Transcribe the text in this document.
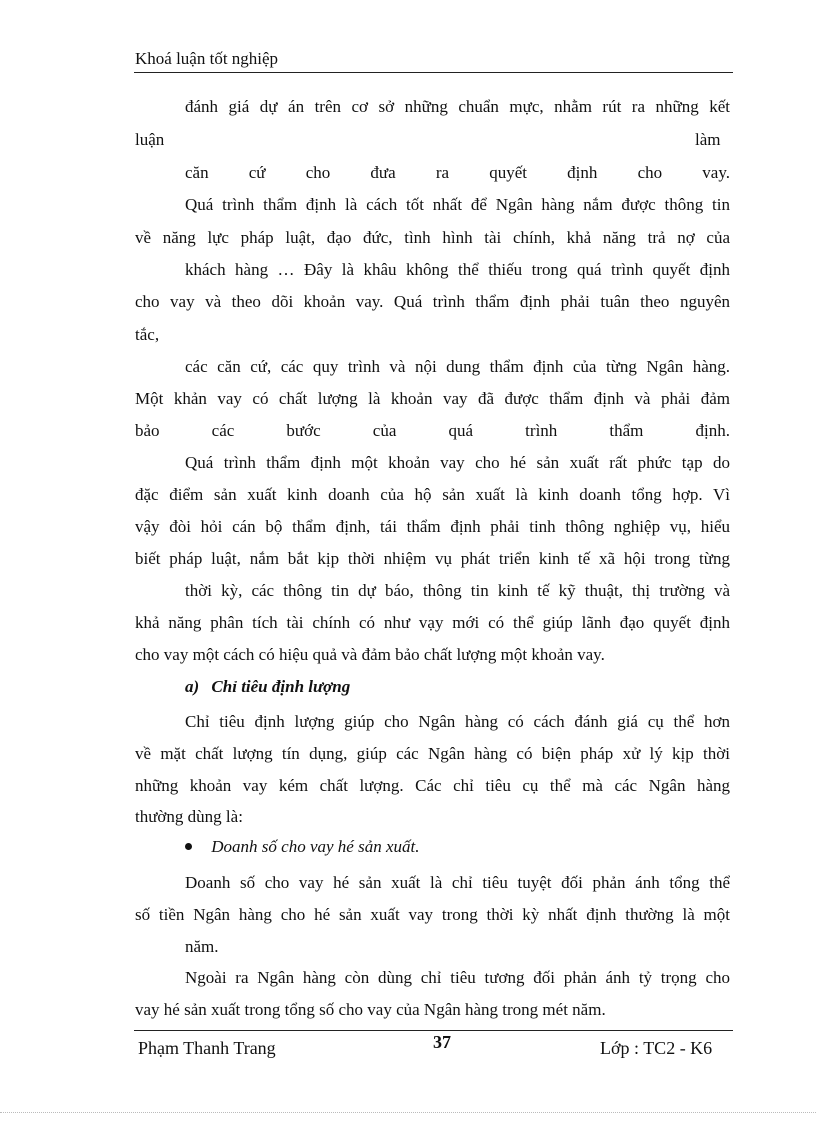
Khoá luận tốt nghiệp
đánh giá dự án trên cơ sở những chuẩn mực, nhằm rút ra những kết
luận	làm
căn cứ cho đưa ra quyết định cho vay.
Quá trình thẩm định là cách tốt nhất để Ngân hàng nắm được thông tin
về năng lực pháp luật, đạo đức, tình hình tài chính, khả năng trả nợ của
khách hàng … Đây là khâu không thể thiếu trong quá trình quyết định
cho vay và theo dõi khoản vay. Quá trình thẩm định phải tuân theo nguyên
tắc,
các căn cứ, các quy trình và nội dung thẩm định của từng Ngân hàng.
Một khản vay có chất lượng là khoản vay đã được thẩm định và phải đảm
bảo các bước của quá trình thẩm định.
Quá trình thẩm định một khoản vay cho hé sản xuất rất phức tạp do
đặc điểm sản xuất kinh doanh của hộ sản xuất là kinh doanh tổng hợp. Vì
vậy đòi hỏi cán bộ thẩm định, tái thẩm định phải tinh thông nghiệp vụ, hiểu
biết pháp luật, nắm bắt kịp thời nhiệm vụ phát triển kinh tế xã hội trong từng
thời kỳ, các thông tin dự báo, thông tin kinh tế kỹ thuật, thị trường và
khả năng phân tích tài chính có như vạy mới có thể giúp lãnh đạo quyết định
cho vay một cách có hiệu quả và đảm bảo chất lượng một khoản vay.
a) Chỉ tiêu định lượng
Chỉ tiêu định lượng giúp cho Ngân hàng có cách đánh giá cụ thể hơn
về mặt chất lượng tín dụng, giúp các Ngân hàng có biện pháp xử lý kịp thời
những khoản vay kém chất lượng. Các chỉ tiêu cụ thể mà các Ngân hàng
thường dùng là:
Doanh số cho vay hé sản xuất.
Doanh số cho vay hé sản xuất là chỉ tiêu tuyệt đối phản ánh tổng thể
số tiền Ngân hàng cho hé sản xuất vay trong thời kỳ nhất định thường là một
năm.
Ngoài ra Ngân hàng còn dùng chỉ tiêu tương đối phản ánh tỷ trọng cho
vay hé sản xuất trong tổng số cho vay của Ngân hàng trong mét năm.
Phạm Thanh Trang	37	Lớp : TC2 - K6
